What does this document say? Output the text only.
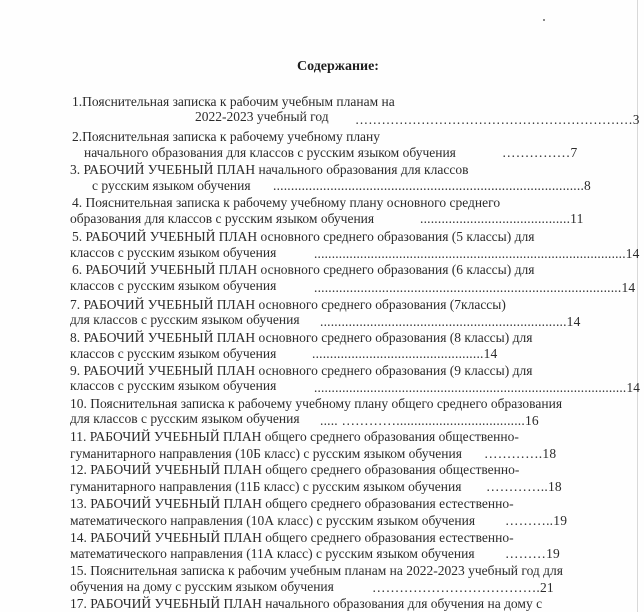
Содержание:
1.Пояснительная записка к рабочим учебным планам на
2022-2023 учебный год ………………………………………………………3
2.Пояснительная записка к рабочему учебному плану
начального образования для классов с русским языком обучения	……………7
3. РАБОЧИЙ УЧЕБНЫЙ ПЛАН начального образования для классов
с русским языком обучения .......................................................................................8
4. Пояснительная записка к рабочему учебному плану основного среднего
образования для классов с русским языком обучения	..........................................11
5. РАБОЧИЙ УЧЕБНЫЙ ПЛАН основного среднего образования (5 классы) для
классов с русским языком обучения	........................................................................................14
6. РАБОЧИЙ УЧЕБНЫЙ ПЛАН основного среднего образования (6 классы) для
классов с русским языком обучения	......................................................................................14
7. РАБОЧИЙ УЧЕБНЫЙ ПЛАН основного среднего образования (7классы)
для классов с русским языком обучения .....................................................................14
8. РАБОЧИЙ УЧЕБНЫЙ ПЛАН основного среднего образования (8 классы) для
классов с русским языком обучения	................................................14
9. РАБОЧИЙ УЧЕБНЫЙ ПЛАН основного среднего образования (9 классы) для
классов с русским языком обучения	.........................................................................................14
10. Пояснительная записка к рабочему учебному плану общего среднего образования
для классов с русским языком обучения ..... …………....................................16
11. РАБОЧИЙ УЧЕБНЫЙ ПЛАН общего среднего образования общественно-
гуманитарного направления (10Б класс) с русским языком обучения ………….18
12. РАБОЧИЙ УЧЕБНЫЙ ПЛАН общего среднего образования общественно-
гуманитарного направления (11Б класс) с русским языком обучения …………..18
13. РАБОЧИЙ УЧЕБНЫЙ ПЛАН общего среднего образования естественно-
математического направления (10А класс) с русским языком обучения ………..19
14. РАБОЧИЙ УЧЕБНЫЙ ПЛАН общего среднего образования естественно-
математического направления (11А класс) с русским языком обучения ………19
15. Пояснительная записка к рабочим учебным планам на 2022-2023 учебный год для
обучения на дому с русским языком обучения	……………………………….21
17. РАБОЧИЙ УЧЕБНЫЙ ПЛАН начального образования для обучения на дому с
